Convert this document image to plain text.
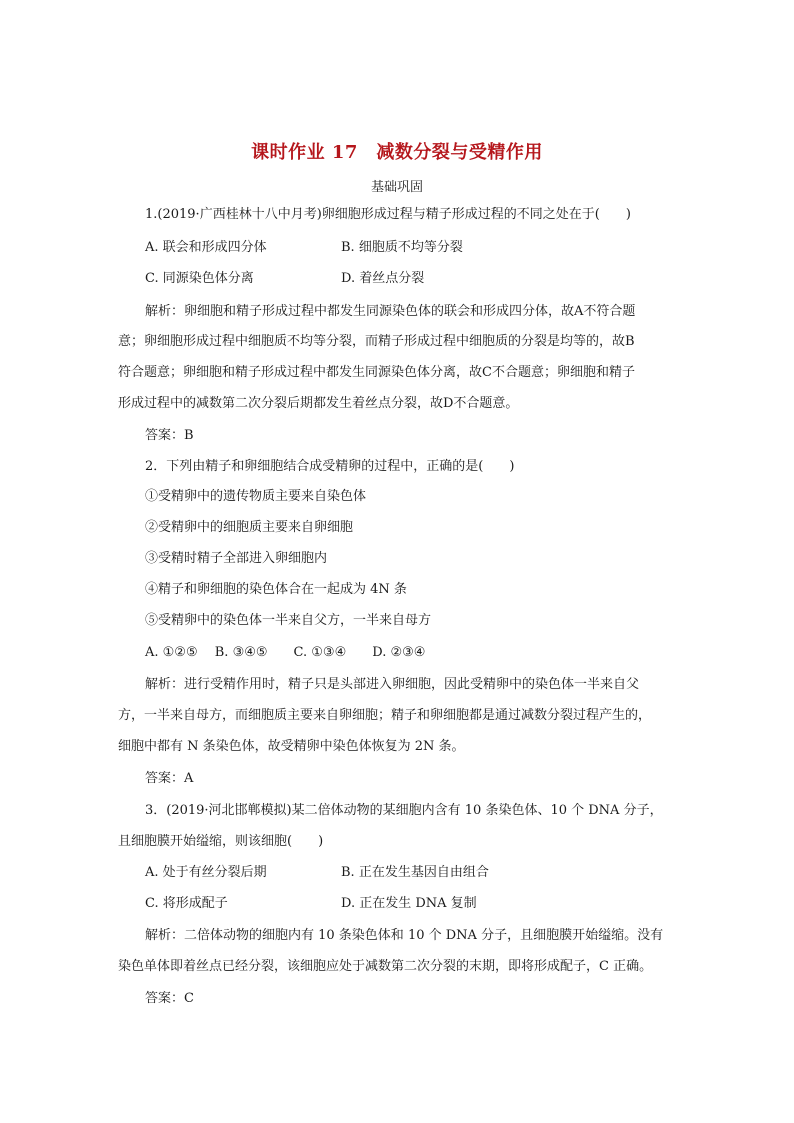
课时作业 17　减数分裂与受精作用
基础巩固
1.(2019·广西桂林十八中月考)卵细胞形成过程与精子形成过程的不同之处在于(　　)
A. 联会和形成四分体	B. 细胞质不均等分裂
C. 同源染色体分离	D. 着丝点分裂
解析：卵细胞和精子形成过程中都发生同源染色体的联会和形成四分体，故A不符合题
意；卵细胞形成过程中细胞质不均等分裂，而精子形成过程中细胞质的分裂是均等的，故B
符合题意；卵细胞和精子形成过程中都发生同源染色体分离，故C不合题意；卵细胞和精子
形成过程中的减数第二次分裂后期都发生着丝点分裂，故D不合题意。
答案：B
2．下列由精子和卵细胞结合成受精卵的过程中，正确的是(　　)
①受精卵中的遗传物质主要来自染色体
②受精卵中的细胞质主要来自卵细胞
③受精时精子全部进入卵细胞内
④精子和卵细胞的染色体合在一起成为 4N 条
⑤受精卵中的染色体一半来自父方，一半来自母方
A. ①②⑤　 B. ③④⑤　　C. ①③④　　D. ②③④
解析：进行受精作用时，精子只是头部进入卵细胞，因此受精卵中的染色体一半来自父
方，一半来自母方，而细胞质主要来自卵细胞；精子和卵细胞都是通过减数分裂过程产生的，
细胞中都有 N 条染色体，故受精卵中染色体恢复为 2N 条。
答案：A
3．(2019·河北邯郸模拟)某二倍体动物的某细胞内含有 10 条染色体、10 个 DNA 分子，
且细胞膜开始缢缩，则该细胞(　　)
A. 处于有丝分裂后期	B. 正在发生基因自由组合
C. 将形成配子	D. 正在发生 DNA 复制
解析：二倍体动物的细胞内有 10 条染色体和 10 个 DNA 分子，且细胞膜开始缢缩。没有
染色单体即着丝点已经分裂，该细胞应处于减数第二次分裂的末期，即将形成配子，C 正确。
答案：C
